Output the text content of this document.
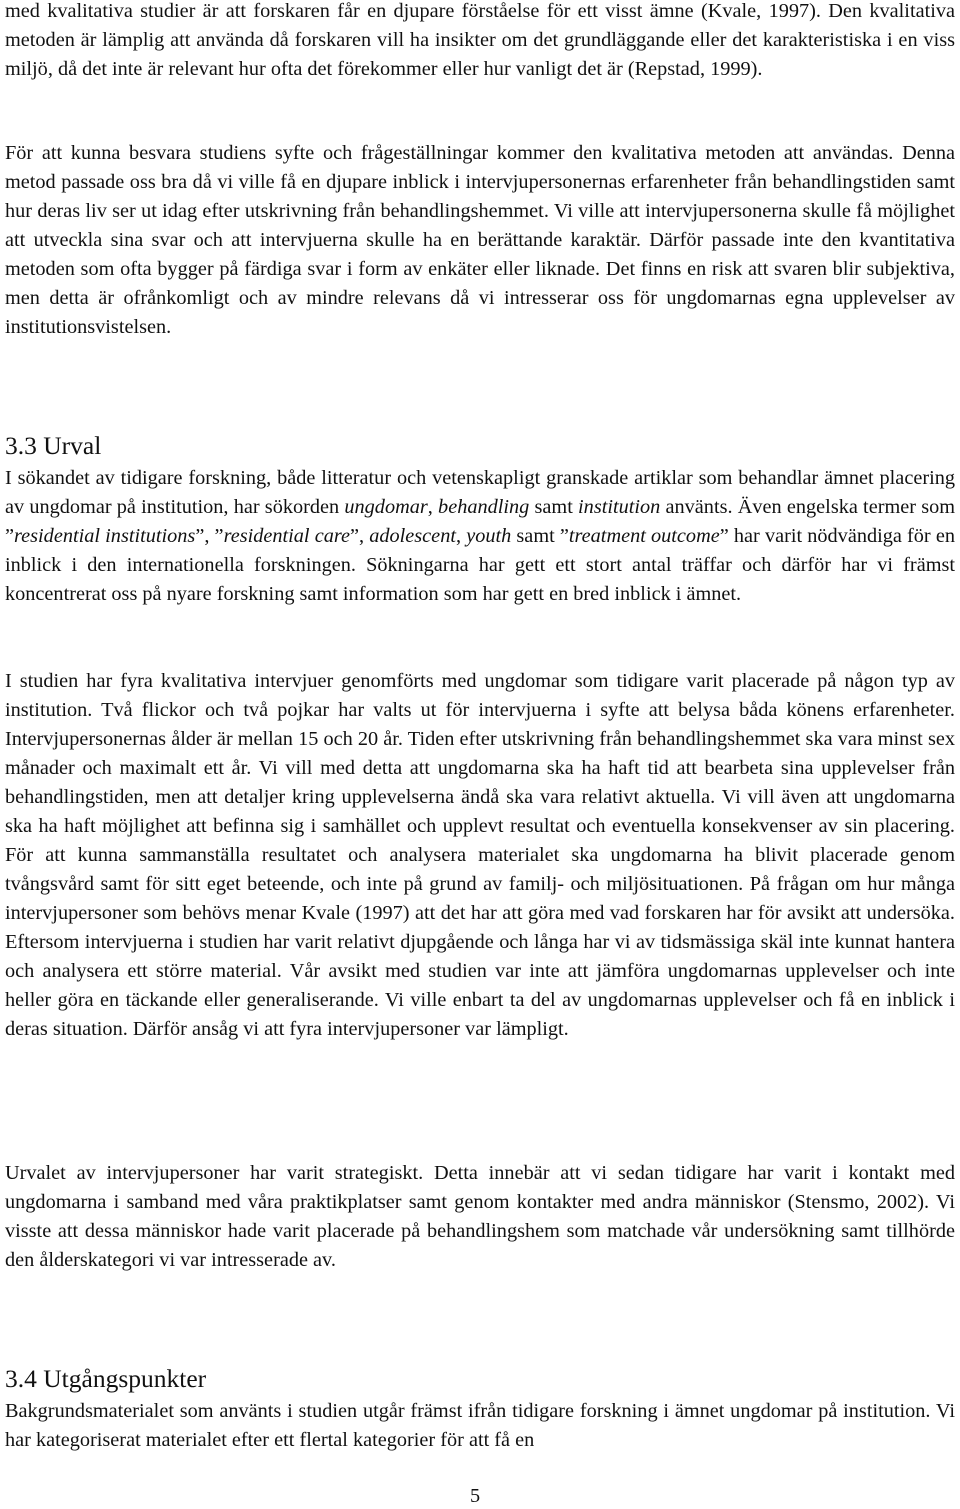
med kvalitativa studier är att forskaren får en djupare förståelse för ett visst ämne (Kvale, 1997). Den kvalitativa metoden är lämplig att använda då forskaren vill ha insikter om det grundläggande eller det karakteristiska i en viss miljö, då det inte är relevant hur ofta det förekommer eller hur vanligt det är (Repstad, 1999).

För att kunna besvara studiens syfte och frågeställningar kommer den kvalitativa metoden att användas. Denna metod passade oss bra då vi ville få en djupare inblick i intervjupersonernas erfarenheter från behandlingstiden samt hur deras liv ser ut idag efter utskrivning från behandlingshemmet. Vi ville att intervjupersonerna skulle få möjlighet att utveckla sina svar och att intervjuerna skulle ha en berättande karaktär. Därför passade inte den kvantitativa metoden som ofta bygger på färdiga svar i form av enkäter eller liknade. Det finns en risk att svaren blir subjektiva, men detta är ofrånkomligt och av mindre relevans då vi intresserar oss för ungdomarnas egna upplevelser av institutionsvistelsen.

3.3 Urval

I sökandet av tidigare forskning, både litteratur och vetenskapligt granskade artiklar som behandlar ämnet placering av ungdomar på institution, har sökorden ungdomar, behandling samt institution använts. Även engelska termer som ”residential institutions”, ”residential care”, adolescent, youth samt ”treatment outcome” har varit nödvändiga för en inblick i den internationella forskningen. Sökningarna har gett ett stort antal träffar och därför har vi främst koncentrerat oss på nyare forskning samt information som har gett en bred inblick i ämnet.

I studien har fyra kvalitativa intervjuer genomförts med ungdomar som tidigare varit placerade på någon typ av institution. Två flickor och två pojkar har valts ut för intervjuerna i syfte att belysa båda könens erfarenheter. Intervjupersonernas ålder är mellan 15 och 20 år. Tiden efter utskrivning från behandlingshemmet ska vara minst sex månader och maximalt ett år. Vi vill med detta att ungdomarna ska ha haft tid att bearbeta sina upplevelser från behandlingstiden, men att detaljer kring upplevelserna ändå ska vara relativt aktuella. Vi vill även att ungdomarna ska ha haft möjlighet att befinna sig i samhället och upplevt resultat och eventuella konsekvenser av sin placering. För att kunna sammanställa resultatet och analysera materialet ska ungdomarna ha blivit placerade genom tvångsvård samt för sitt eget beteende, och inte på grund av familj- och miljösituationen. På frågan om hur många intervjupersoner som behövs menar Kvale (1997) att det har att göra med vad forskaren har för avsikt att undersöka. Eftersom intervjuerna i studien har varit relativt djupgående och långa har vi av tidsmässiga skäl inte kunnat hantera och analysera ett större material. Vår avsikt med studien var inte att jämföra ungdomarnas upplevelser och inte heller göra en täckande eller generaliserande. Vi ville enbart ta del av ungdomarnas upplevelser och få en inblick i deras situation. Därför ansåg vi att fyra intervjupersoner var lämpligt.

Urvalet av intervjupersoner har varit strategiskt. Detta innebär att vi sedan tidigare har varit i kontakt med ungdomarna i samband med våra praktikplatser samt genom kontakter med andra människor (Stensmo, 2002). Vi visste att dessa människor hade varit placerade på behandlingshem som matchade vår undersökning samt tillhörde den ålderskategori vi var intresserade av.

3.4 Utgångspunkter

Bakgrundsmaterialet som använts i studien utgår främst ifrån tidigare forskning i ämnet ungdomar på institution. Vi har kategoriserat materialet efter ett flertal kategorier för att få en

5
